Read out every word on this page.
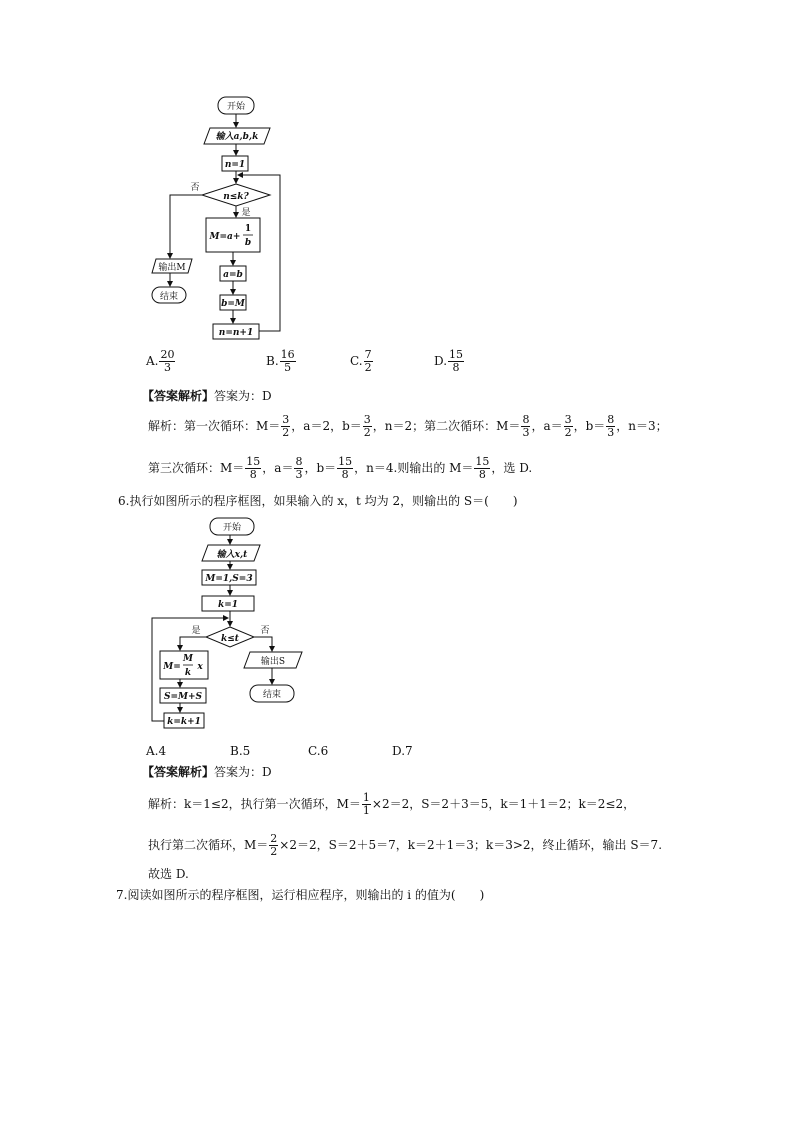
开始
输入a,b,k
n=1
n≤k?
否
是
M=a+
1
b
a=b
b=M
n=n+1
输出M
结束
A. $\frac{20}{3}$	B. $\frac{16}{5}$	C. $\frac{7}{2}$	D. $\frac{15}{8}$
【答案解析】答案为：D
解析：第一次循环：$M= \frac{3}{2}$ ，a＝2，$b= \frac{3}{2}$ ，n＝2；第二次循环：$M= \frac{8}{3}$ ，$a= \frac{3}{2}$ ，$b= \frac{8}{3}$ ，n＝3；
第三次循环：$M= \frac{15}{8}$ ，$a= \frac{8}{3}$ ，$b= \frac{15}{8}$ ，n＝4.则输出的 $M= \frac{15}{8}$ ，选 D.
6.执行如图所示的程序框图，如果输入的 x，t 均为 2，则输出的 S＝(　　)
开始
输入x,t
M=1,S=3
k=1
k≤t
是	否
M=
M
k
x
S=M+S
k=k+1
输出S
结束
A.4	B.5	C.6	D.7
【答案解析】答案为：D
解析：k＝1≤2，执行第一次循环，$M= \frac{1}{1} \times 2=2$，S＝2＋3＝5，k＝1＋1＝2；k＝2≤2，
执行第二次循环，$M= \frac{2}{2} \times 2=2$，S＝2＋5＝7，k＝2＋1＝3；k＝3>2，终止循环，输出 S＝7.
故选 D.
7.阅读如图所示的程序框图，运行相应程序，则输出的 i 的值为(　　)
